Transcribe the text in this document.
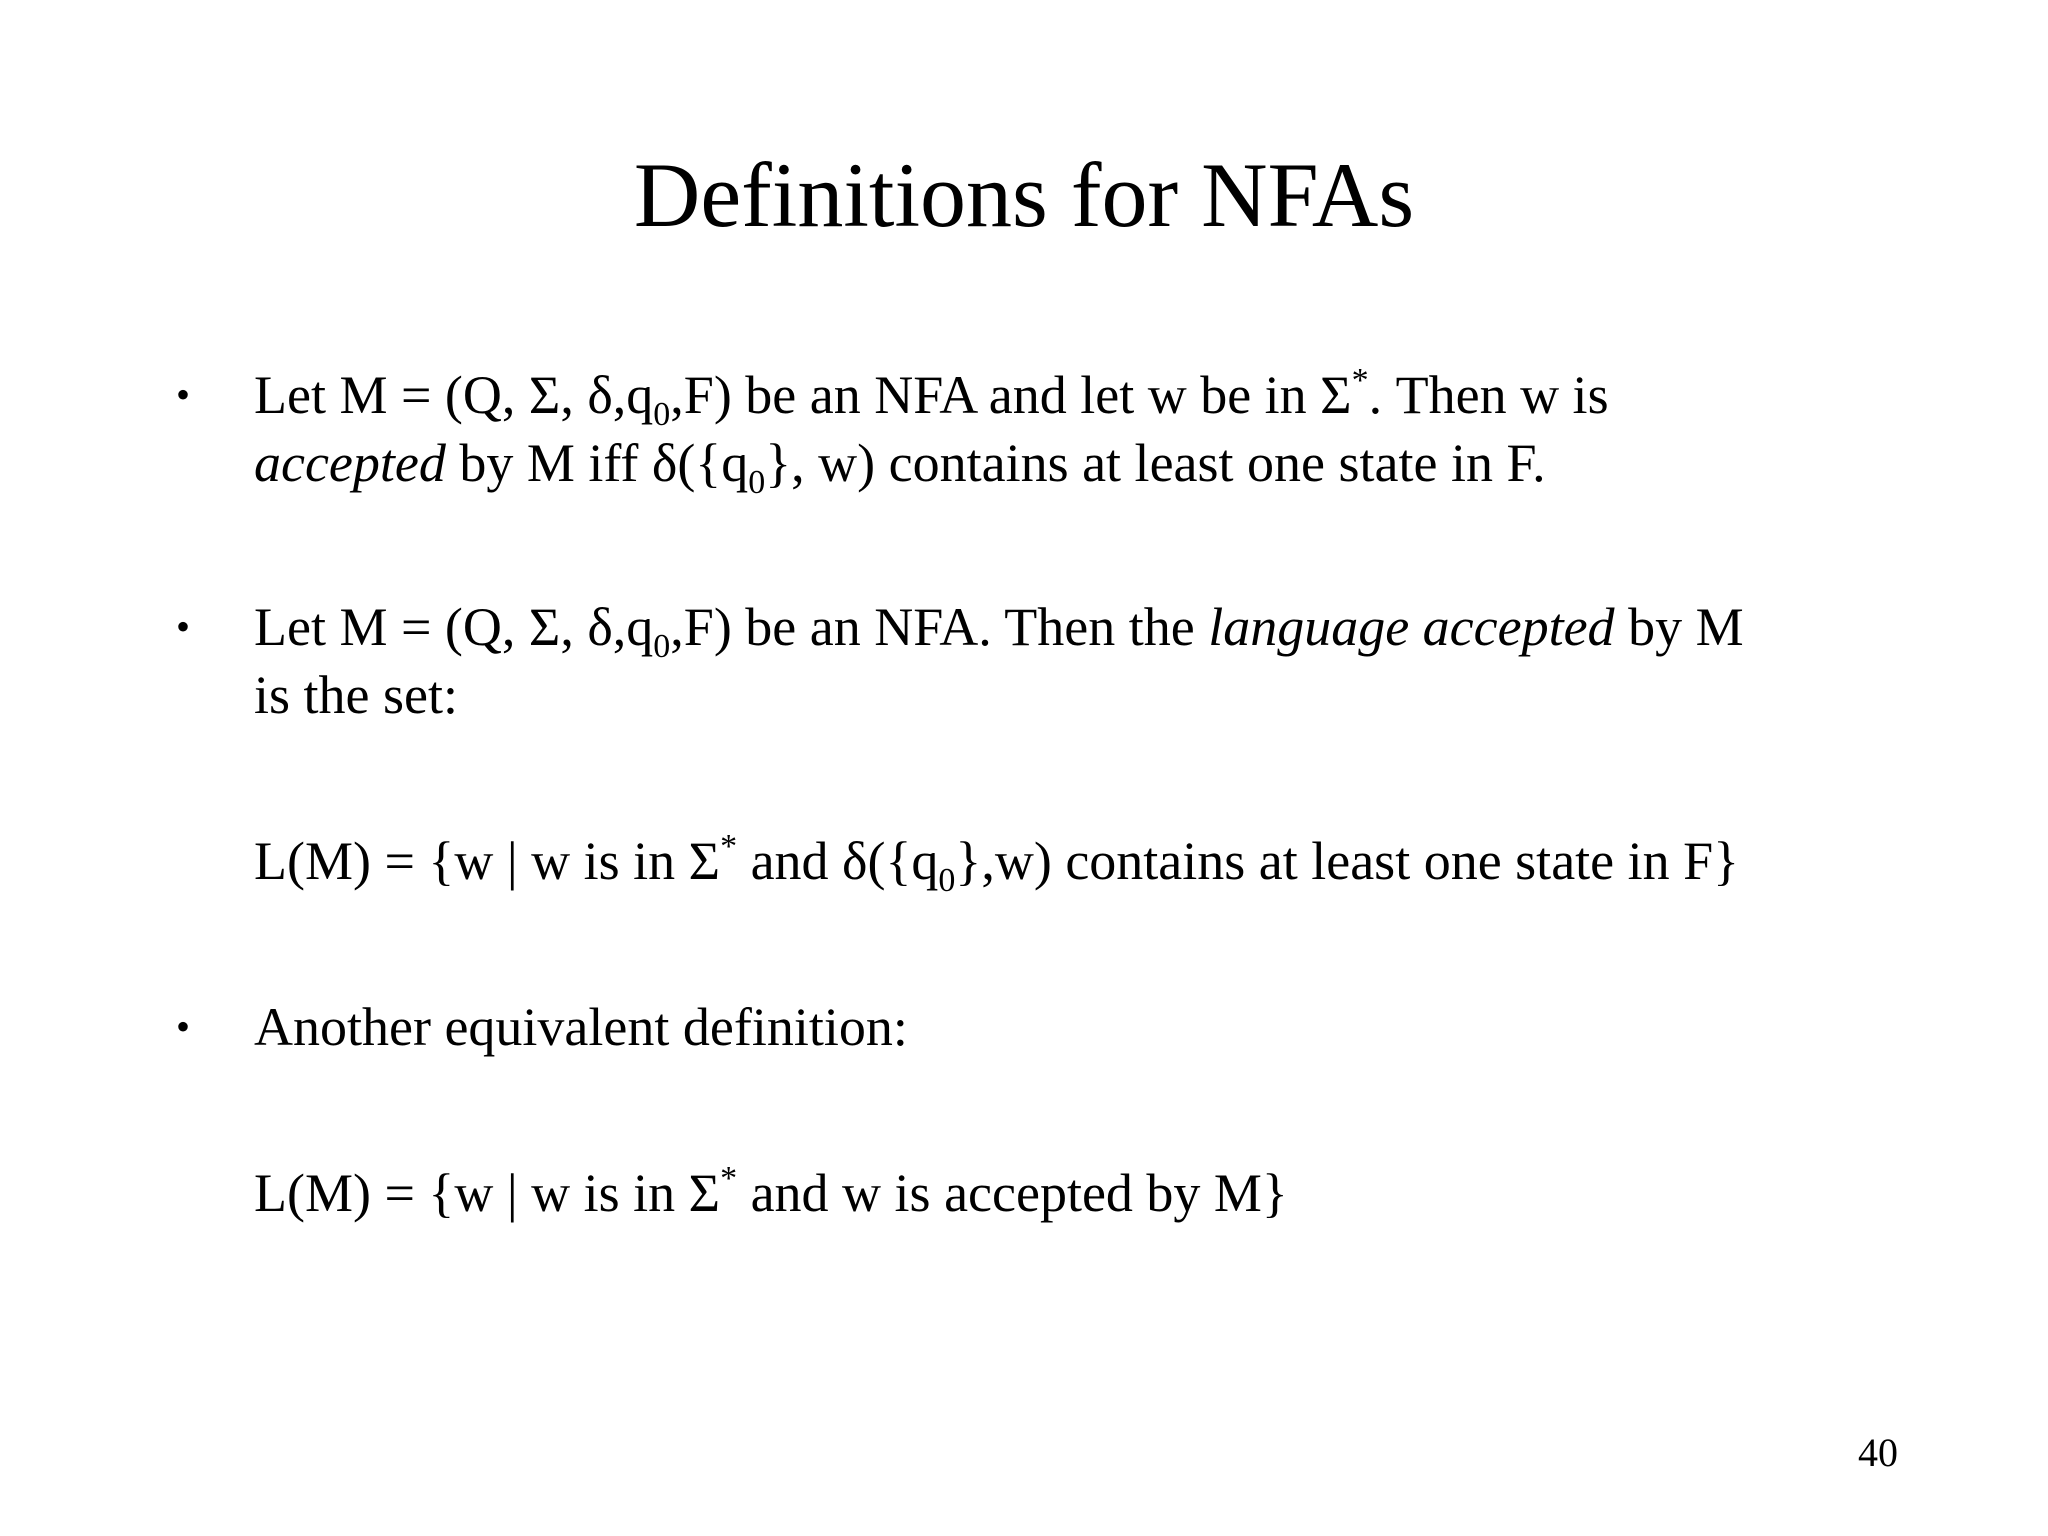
Definitions for NFAs
• Let M = (Q, Σ, $\delta,q_0,F$) be an NFA and let w be in Σ*. Then w is
accepted by M iff $\delta(\{q_0\}$, w) contains at least one state in F.
• Let M = (Q, Σ, $\delta,q_0,F$) be an NFA. Then the language accepted by M
is the set:
L(M) = {w | w is in Σ* and $\delta(\{q_0\},w)$ contains at least one state in F}
• Another equivalent definition:
L(M) = {w | w is in Σ* and w is accepted by M}
40
